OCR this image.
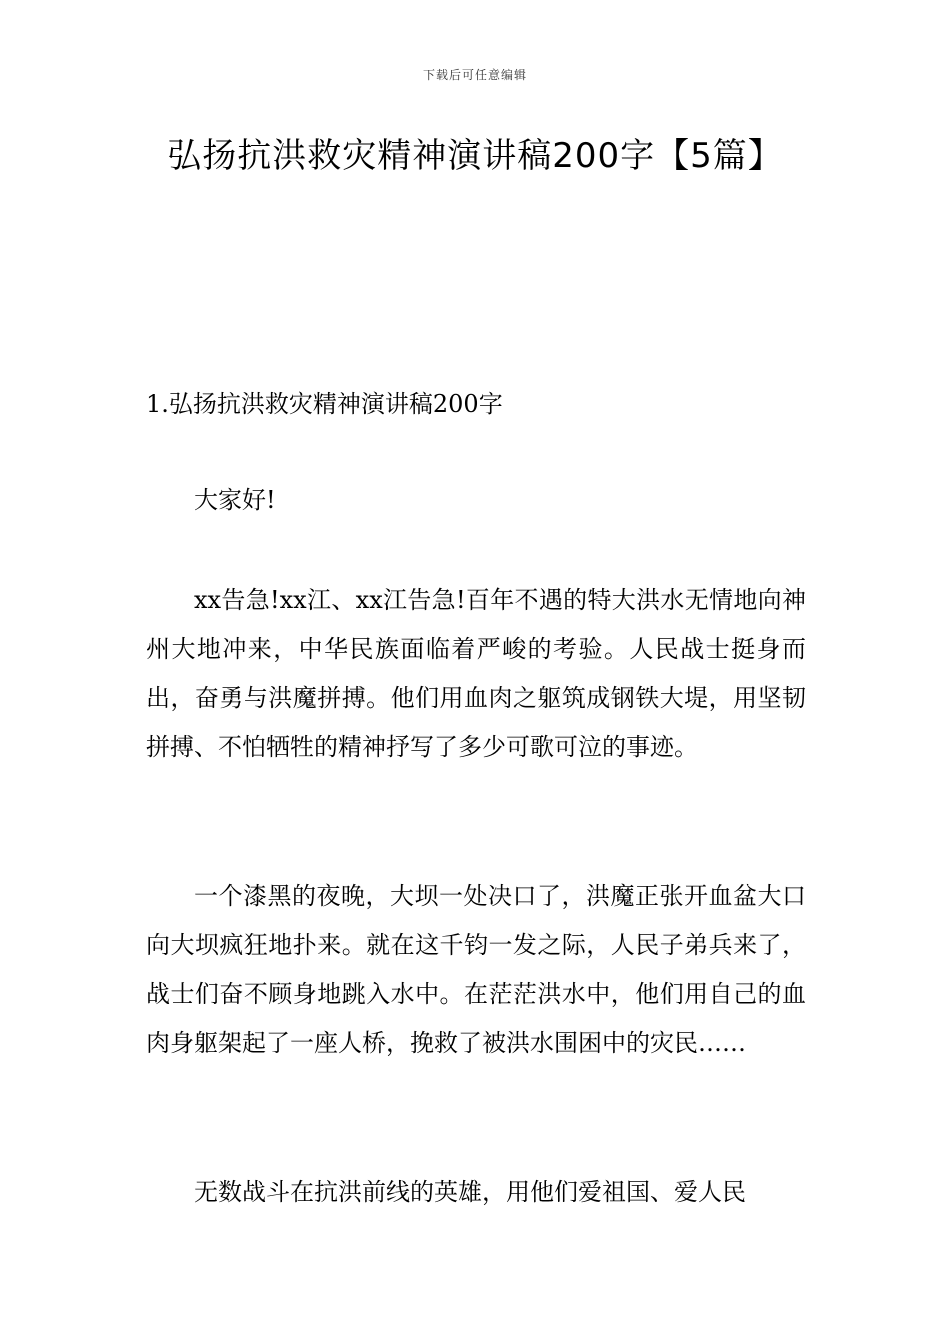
下载后可任意编辑
弘扬抗洪救灾精神演讲稿200字【5篇】
1.弘扬抗洪救灾精神演讲稿200字

大家好!

xx告急!xx江、xx江告急!百年不遇的特大洪水无情地向神州大地冲来，中华民族面临着严峻的考验。人民战士挺身而出，奋勇与洪魔拼搏。他们用血肉之躯筑成钢铁大堤，用坚韧拼搏、不怕牺牲的精神抒写了多少可歌可泣的事迹。

一个漆黑的夜晚，大坝一处决口了，洪魔正张开血盆大口向大坝疯狂地扑来。就在这千钧一发之际，人民子弟兵来了，战士们奋不顾身地跳入水中。在茫茫洪水中，他们用自己的血肉身躯架起了一座人桥，挽救了被洪水围困中的灾民……

无数战斗在抗洪前线的英雄，用他们爱祖国、爱人民
